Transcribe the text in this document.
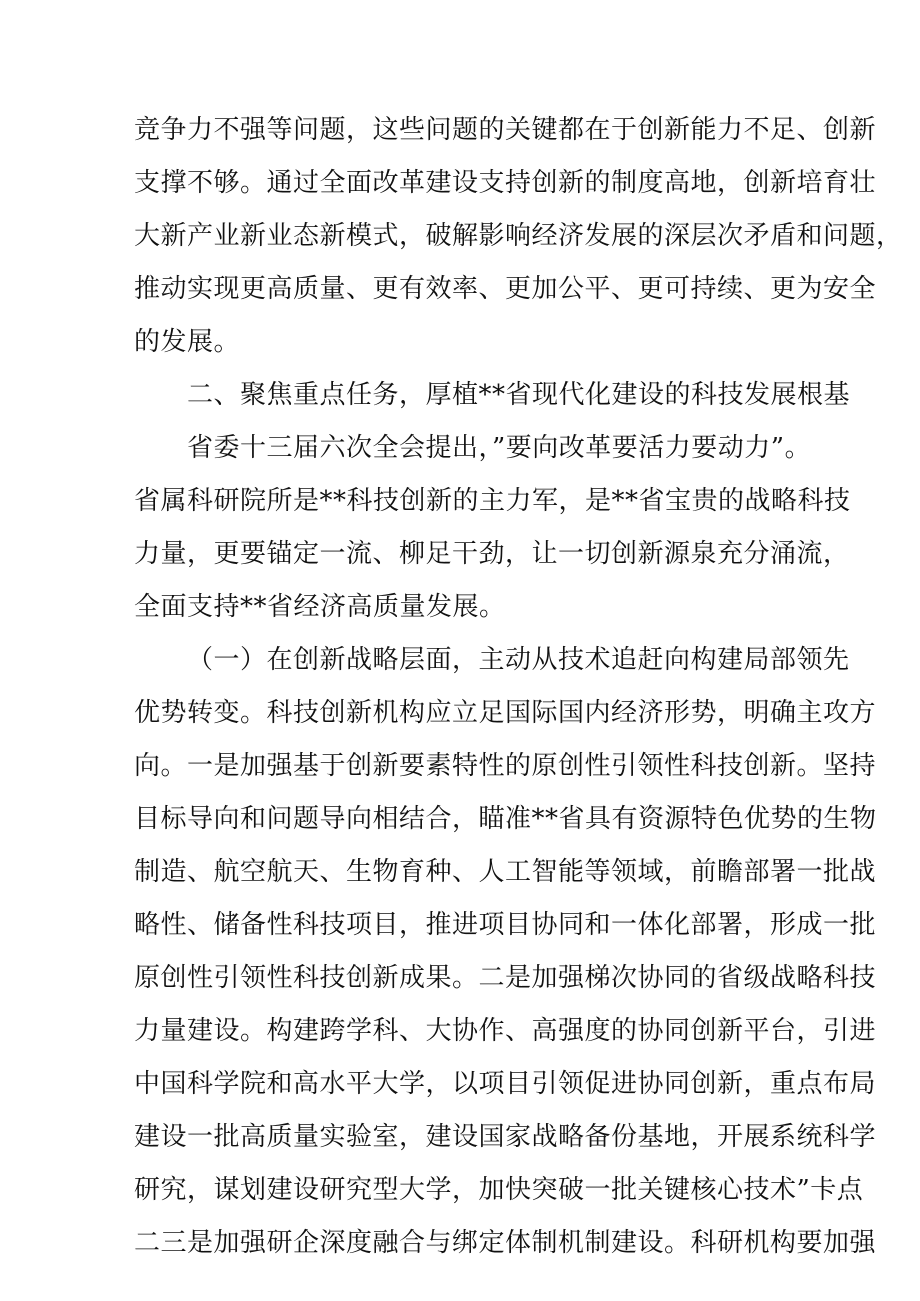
竞争力不强等问题，这些问题的关键都在于创新能力不足、创新
支撑不够。通过全面改革建设支持创新的制度高地，创新培育壮
大新产业新业态新模式，破解影响经济发展的深层次矛盾和问题，
推动实现更高质量、更有效率、更加公平、更可持续、更为安全
的发展。
二、聚焦重点任务，厚植**省现代化建设的科技发展根基
省委十三届六次全会提出，”要向改革要活力要动力”。
省属科研院所是**科技创新的主力军，是**省宝贵的战略科技
力量，更要锚定一流、柳足干劲，让一切创新源泉充分涌流，
全面支持**省经济高质量发展。
（一）在创新战略层面，主动从技术追赶向构建局部领先
优势转变。科技创新机构应立足国际国内经济形势，明确主攻方
向。一是加强基于创新要素特性的原创性引领性科技创新。坚持
目标导向和问题导向相结合，瞄准**省具有资源特色优势的生物
制造、航空航天、生物育种、人工智能等领域，前瞻部署一批战
略性、储备性科技项目，推进项目协同和一体化部署，形成一批
原创性引领性科技创新成果。二是加强梯次协同的省级战略科技
力量建设。构建跨学科、大协作、高强度的协同创新平台，引进
中国科学院和高水平大学，以项目引领促进协同创新，重点布局
建设一批高质量实验室，建设国家战略备份基地，开展系统科学
研究，谋划建设研究型大学，加快突破一批关键核心技术”卡点
二三是加强研企深度融合与绑定体制机制建设。科研机构要加强
